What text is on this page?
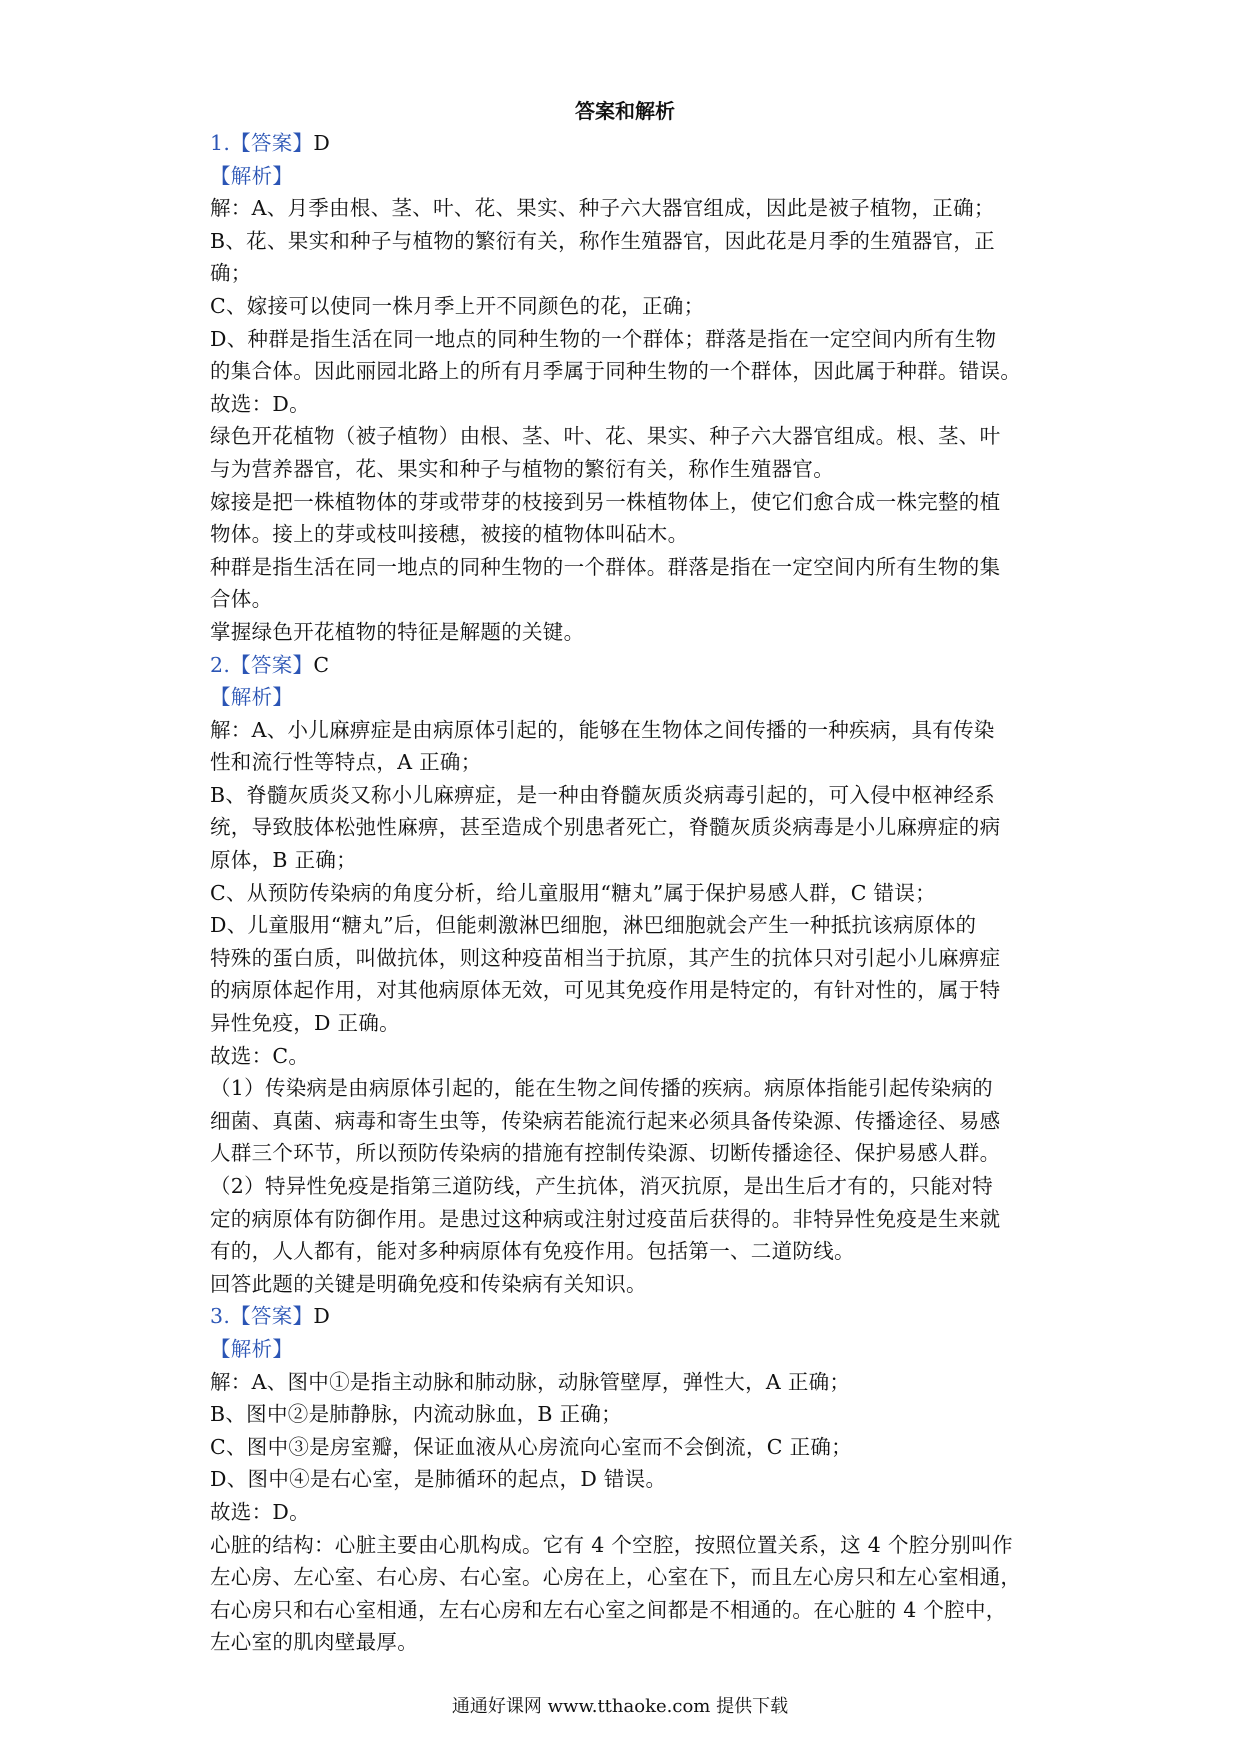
答案和解析
1.【答案】D
【解析】
解：A、月季由根、茎、叶、花、果实、种子六大器官组成，因此是被子植物，正确；
B、花、果实和种子与植物的繁衍有关，称作生殖器官，因此花是月季的生殖器官，正
确；
C、嫁接可以使同一株月季上开不同颜色的花，正确；
D、种群是指生活在同一地点的同种生物的一个群体；群落是指在一定空间内所有生物
的集合体。因此丽园北路上的所有月季属于同种生物的一个群体，因此属于种群。错误。
故选：D。
绿色开花植物（被子植物）由根、茎、叶、花、果实、种子六大器官组成。根、茎、叶
与为营养器官，花、果实和种子与植物的繁衍有关，称作生殖器官。
嫁接是把一株植物体的芽或带芽的枝接到另一株植物体上，使它们愈合成一株完整的植
物体。接上的芽或枝叫接穗，被接的植物体叫砧木。
种群是指生活在同一地点的同种生物的一个群体。群落是指在一定空间内所有生物的集
合体。
掌握绿色开花植物的特征是解题的关键。
2.【答案】C
【解析】
解：A、小儿麻痹症是由病原体引起的，能够在生物体之间传播的一种疾病，具有传染
性和流行性等特点，A 正确；
B、脊髓灰质炎又称小儿麻痹症，是一种由脊髓灰质炎病毒引起的，可入侵中枢神经系
统，导致肢体松弛性麻痹，甚至造成个别患者死亡，脊髓灰质炎病毒是小儿麻痹症的病
原体，B 正确；
C、从预防传染病的角度分析，给儿童服用“糖丸”属于保护易感人群，C 错误；
D、儿童服用“糖丸”后，但能刺激淋巴细胞，淋巴细胞就会产生一种抵抗该病原体的
特殊的蛋白质，叫做抗体，则这种疫苗相当于抗原，其产生的抗体只对引起小儿麻痹症
的病原体起作用，对其他病原体无效，可见其免疫作用是特定的，有针对性的，属于特
异性免疫，D 正确。
故选：C。
（1）传染病是由病原体引起的，能在生物之间传播的疾病。病原体指能引起传染病的
细菌、真菌、病毒和寄生虫等，传染病若能流行起来必须具备传染源、传播途径、易感
人群三个环节，所以预防传染病的措施有控制传染源、切断传播途径、保护易感人群。
（2）特异性免疫是指第三道防线，产生抗体，消灭抗原，是出生后才有的，只能对特
定的病原体有防御作用。是患过这种病或注射过疫苗后获得的。非特异性免疫是生来就
有的，人人都有，能对多种病原体有免疫作用。包括第一、二道防线。
回答此题的关键是明确免疫和传染病有关知识。
3.【答案】D
【解析】
解：A、图中①是指主动脉和肺动脉，动脉管壁厚，弹性大，A 正确；
B、图中②是肺静脉，内流动脉血，B 正确；
C、图中③是房室瓣，保证血液从心房流向心室而不会倒流，C 正确；
D、图中④是右心室，是肺循环的起点，D 错误。
故选：D。
心脏的结构：心脏主要由心肌构成。它有 4 个空腔，按照位置关系，这 4 个腔分别叫作
左心房、左心室、右心房、右心室。心房在上，心室在下，而且左心房只和左心室相通，
右心房只和右心室相通，左右心房和左右心室之间都是不相通的。在心脏的 4 个腔中，
左心室的肌肉壁最厚。
通通好课网 www.tthaoke.com 提供下载
